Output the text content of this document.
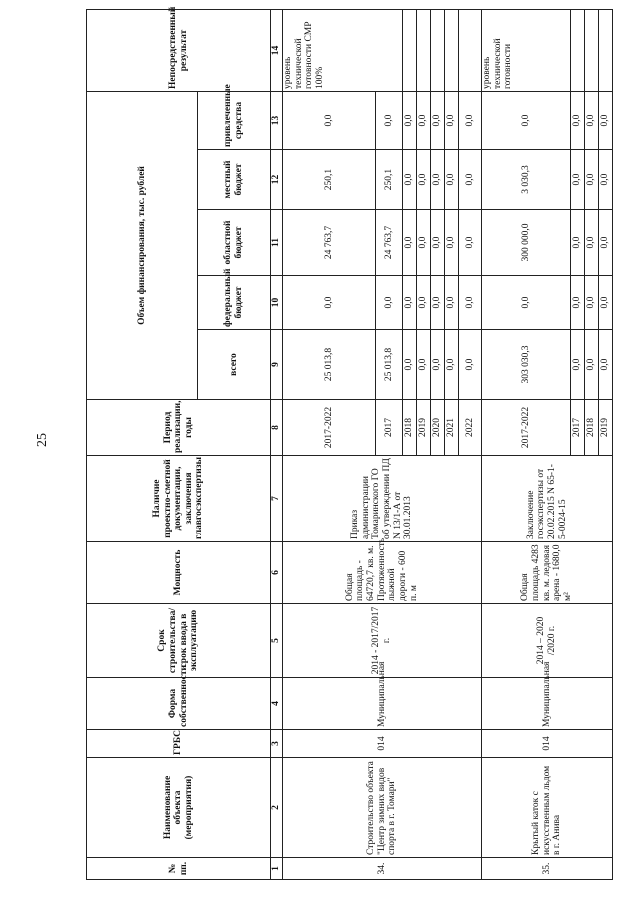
25
№ пп.	Наименование объекта (мероприятия)	ГРБС	Форма собственности	Срок строительства/срок ввода в эксплуатацию	Мощность	Наличие проектно-сметной документации, заключения главгосэкспертизы	Период реализации, годы	Объем финансирования, тыс. рублей					Непосредственный результат
								всего	федеральный бюджет	областной бюджет	местный бюджет	привлеченные средства	
1	2	3	4	5	6	7	8	9	10	11	12	13	14
34.	Строительство объекта "Центр зимних видов спорта в г. Томари"	014	Муниципальная	2014 - 2017/2017 г.	Общая площадь - 64720,7 кв. м. Протяженность лыжной дороги - 600 п. м	Приказ администрации Томаринского ГО об утверждении ПД N 13/1-А от 30.01.2013	2017-2022	25 013,8	0,0	24 763,7	250,1	0,0	уровень технической готовности СМР 100%
							2017	25 013,8	0,0	24 763,7	250,1	0,0	
							2018	0,0	0,0	0,0	0,0	0,0	
							2019	0,0	0,0	0,0	0,0	0,0	
							2020	0,0	0,0	0,0	0,0	0,0	
							2021	0,0	0,0	0,0	0,0	0,0	
							2022	0,0	0,0	0,0	0,0	0,0	
35.	Крытый каток с искусственным льдом в г. Анива	014	Муниципальная	2014 – 2020 /2020 г.	Общая площадь 4283 кв. м. ледовая арена - 1680,0 м²	Заключение госэкспертизы от 20.02.2015 N 65-1-5-0024-15	2017-2022	303 030,3	0,0	300 000,0	3 030,3	0,0	уровень технической готовности
							2017	0,0	0,0	0,0	0,0	0,0	
							2018	0,0	0,0	0,0	0,0	0,0	
							2019	0,0	0,0	0,0	0,0	0,0	
